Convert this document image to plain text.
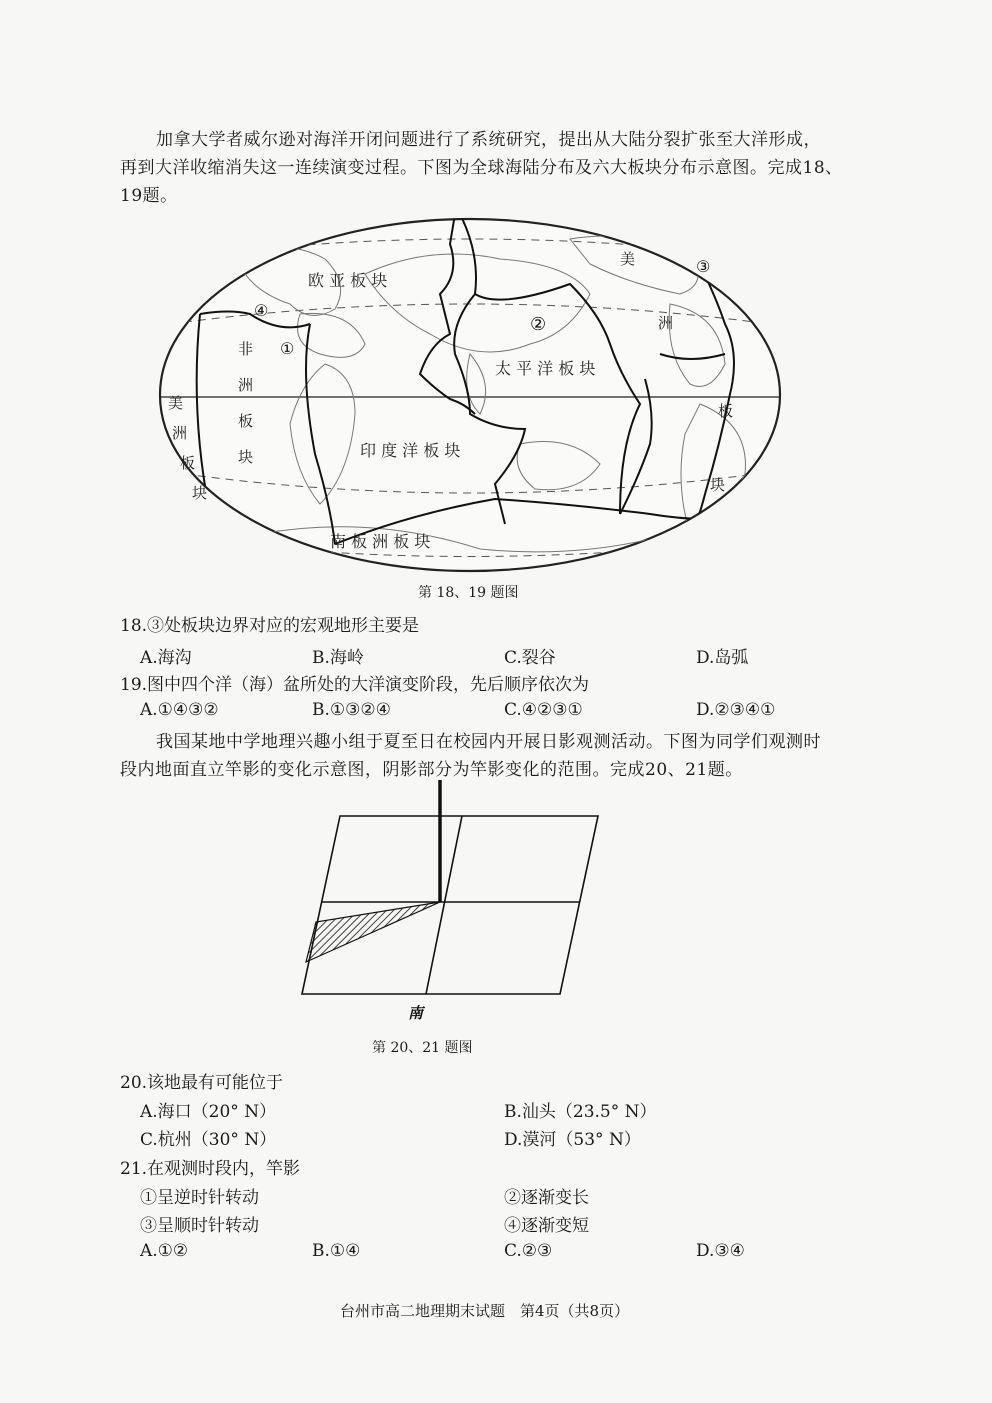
加拿大学者威尔逊对海洋开闭问题进行了系统研究，提出从大陆分裂扩张至大洋形成，
再到大洋收缩消失这一连续演变过程。下图为全球海陆分布及六大板块分布示意图。完成18、
19题。
欧 亚 板 块
太 平 洋 板 块
印 度 洋 板 块
南 板 洲 板 块
非
洲
板
块
美
洲
板
块
美
洲
板
块
①
②
③
④
第 18、19 题图
18.③处板块边界对应的宏观地形主要是
A.海沟	B.海岭	C.裂谷	D.岛弧
19.图中四个洋（海）盆所处的大洋演变阶段，先后顺序依次为
A.①④③②	B.①③②④	C.④②③①	D.②③④①
我国某地中学地理兴趣小组于夏至日在校园内开展日影观测活动。下图为同学们观测时
段内地面直立竿影的变化示意图，阴影部分为竿影变化的范围。完成20、21题。
南
第 20、21 题图
20.该地最有可能位于
A.海口（20° N）	B.汕头（23.5° N）
C.杭州（30° N）	D.漠河（53° N）
21.在观测时段内，竿影
①呈逆时针转动	②逐渐变长
③呈顺时针转动	④逐渐变短
A.①②	B.①④	C.②③	D.③④
台州市高二地理期末试题　第4页（共8页）
